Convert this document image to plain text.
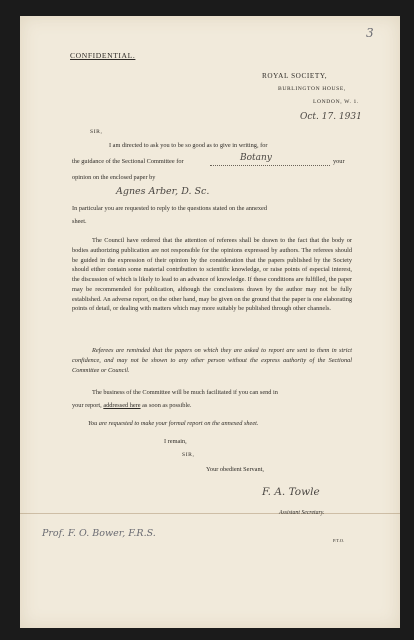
3
CONFIDENTIAL.
ROYAL SOCIETY,
BURLINGTON HOUSE,
LONDON, W. 1.
Oct. 17. 1931
SIR,
I am directed to ask you to be so good as to give in writing, for
the guidance of the Sectional Committee for	Botany	your
opinion on the enclosed paper by
Agnes Arber, D. Sc.
In particular you are requested to reply to the questions stated on the annexed
sheet.
The Council have ordered that the attention of referees shall be drawn to the fact that the body or bodies authorizing publication are not responsible for the opinions expressed by authors. The referees should be guided in the expression of their opinion by the consideration that the papers published by the Society should either contain some material contribution to scientific knowledge, or raise points of especial interest, the discussion of which is likely to lead to an advance of knowledge. If these conditions are fulfilled, the paper may be recommended for publication, although the conclusions drawn by the author may not be fully established. An adverse report, on the other hand, may be given on the ground that the paper is one elaborating points of detail, or dealing with matters which may more suitably be published through other channels.
Referees are reminded that the papers on which they are asked to report are sent to them in strict confidence, and may not be shown to any other person without the express authority of the Sectional Committee or Council.
The business of the Committee will be much facilitated if you can send in
your report, addressed here as soon as possible.
You are requested to make your formal report on the annexed sheet.
I remain,
SIR,
Your obedient Servant,
F. A. Towle
Assistant Secretary.
Prof. F. O. Bower, F.R.S.
P.T.O.
